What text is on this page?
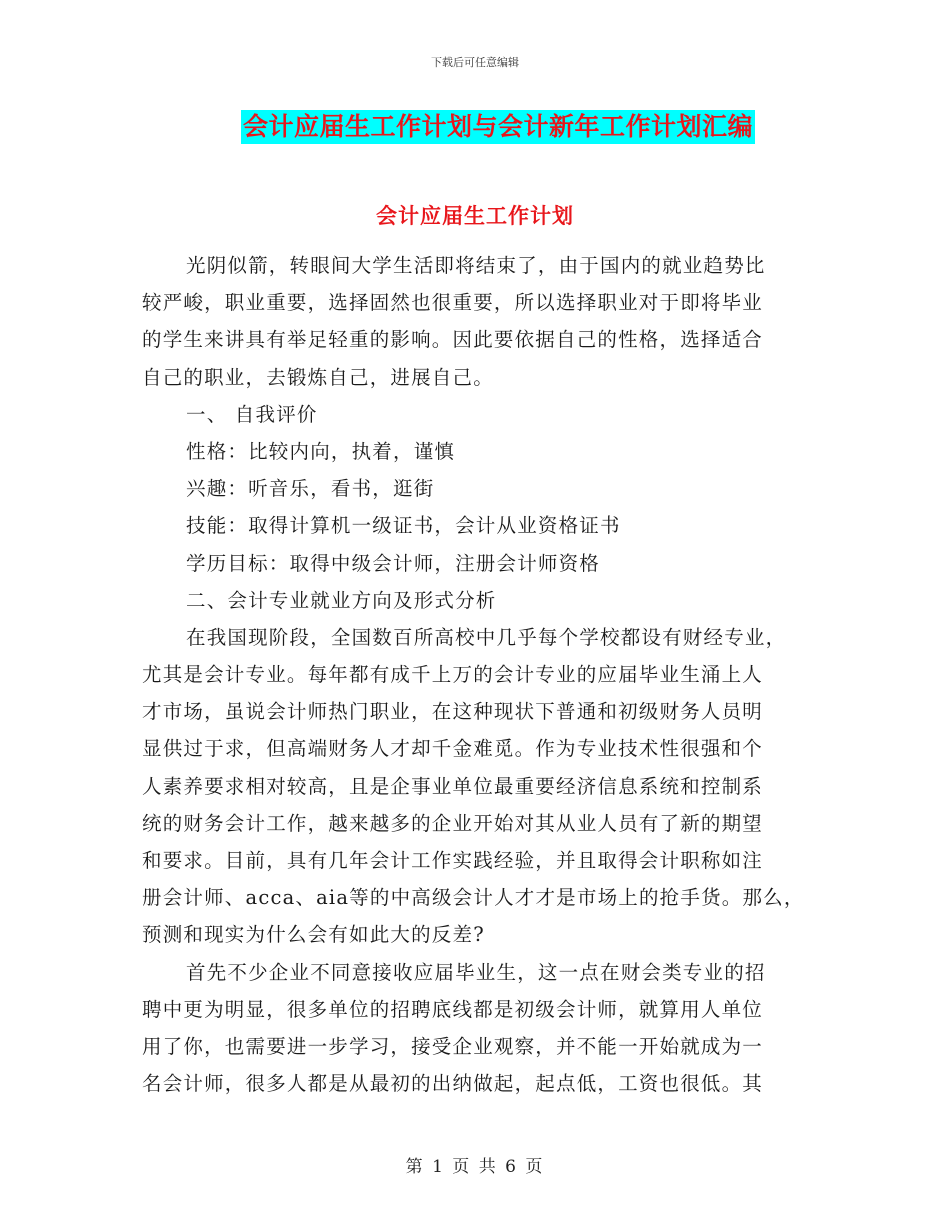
下载后可任意编辑
会计应届生工作计划与会计新年工作计划汇编
会计应届生工作计划
光阴似箭，转眼间大学生活即将结束了，由于国内的就业趋势比
较严峻，职业重要，选择固然也很重要，所以选择职业对于即将毕业
的学生来讲具有举足轻重的影响。因此要依据自己的性格，选择适合
自己的职业，去锻炼自己，进展自己。
一、 自我评价
性格：比较内向，执着，谨慎
兴趣：听音乐，看书，逛街
技能：取得计算机一级证书，会计从业资格证书
学历目标：取得中级会计师，注册会计师资格
二、会计专业就业方向及形式分析
在我国现阶段，全国数百所高校中几乎每个学校都设有财经专业，
尤其是会计专业。每年都有成千上万的会计专业的应届毕业生涌上人
才市场，虽说会计师热门职业，在这种现状下普通和初级财务人员明
显供过于求，但高端财务人才却千金难觅。作为专业技术性很强和个
人素养要求相对较高，且是企事业单位最重要经济信息系统和控制系
统的财务会计工作，越来越多的企业开始对其从业人员有了新的期望
和要求。目前，具有几年会计工作实践经验，并且取得会计职称如注
册会计师、acca、aia等的中高级会计人才才是市场上的抢手货。那么，
预测和现实为什么会有如此大的反差?
首先不少企业不同意接收应届毕业生，这一点在财会类专业的招
聘中更为明显，很多单位的招聘底线都是初级会计师，就算用人单位
用了你，也需要进一步学习，接受企业观察，并不能一开始就成为一
名会计师，很多人都是从最初的出纳做起，起点低，工资也很低。其
第 1 页 共 6 页
